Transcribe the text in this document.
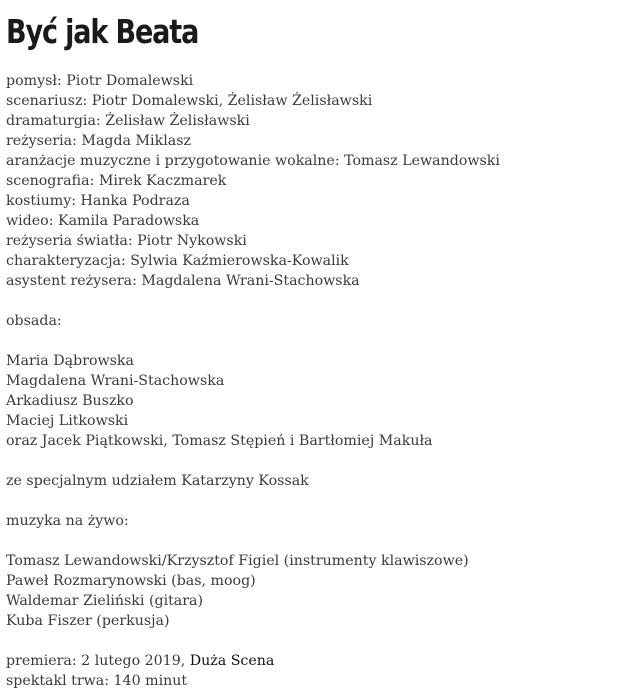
Być jak Beata
pomysł: Piotr Domalewski
scenariusz: Piotr Domalewski, Żelisław Żelisławski
dramaturgia: Żelisław Żelisławski
reżyseria: Magda Miklasz
aranżacje muzyczne i przygotowanie wokalne: Tomasz Lewandowski
scenografia: Mirek Kaczmarek
kostiumy: Hanka Podraza
wideo: Kamila Paradowska
reżyseria światła: Piotr Nykowski
charakteryzacja: Sylwia Kaźmierowska-Kowalik
asystent reżysera: Magdalena Wrani-Stachowska
obsada:
Maria Dąbrowska
Magdalena Wrani-Stachowska
Arkadiusz Buszko
Maciej Litkowski
oraz Jacek Piątkowski, Tomasz Stępień i Bartłomiej Makuła
ze specjalnym udziałem Katarzyny Kossak
muzyka na żywo:
Tomasz Lewandowski/Krzysztof Figiel (instrumenty klawiszowe)
Paweł Rozmarynowski (bas, moog)
Waldemar Zieliński (gitara)
Kuba Fiszer (perkusja)
premiera: 2 lutego 2019, Duża Scena
spektakl trwa: 140 minut
